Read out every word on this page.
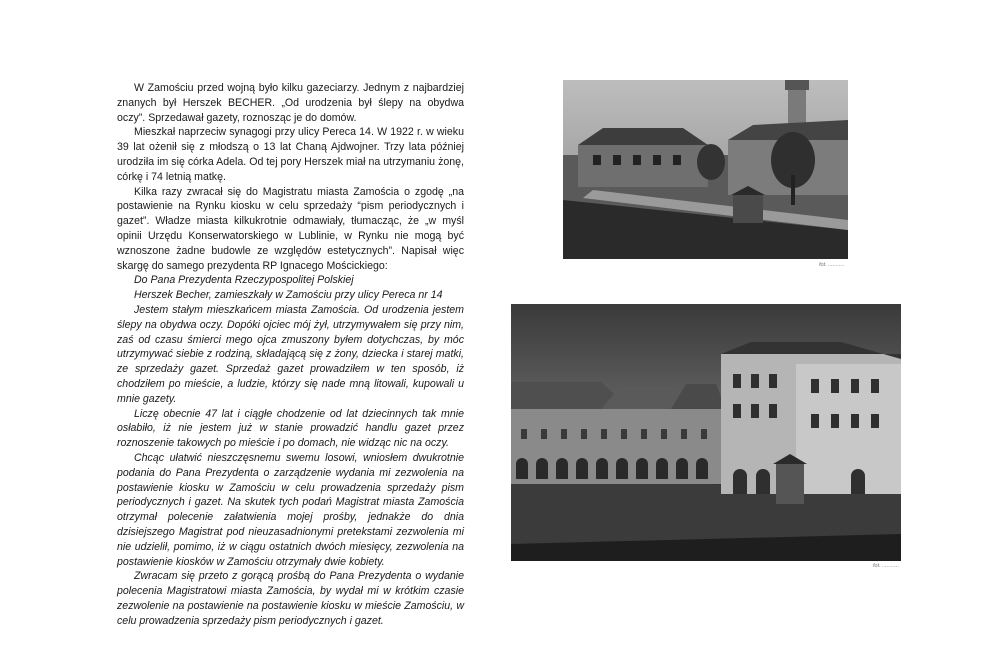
W Zamościu przed wojną było kilku gazeciarzy. Jednym z najbardziej znanych był Herszek BECHER. „Od urodzenia był ślepy na obydwa oczy”. Sprzedawał gazety, roznosząc je do domów.

Mieszkał naprzeciw synagogi przy ulicy Pereca 14. W 1922 r. w wieku 39 lat ożenił się z młodszą o 13 lat Chaną Ajdwojner. Trzy lata później urodziła im się córka Adela. Od tej pory Herszek miał na utrzymaniu żonę, córkę i 74 letnią matkę.

Kilka razy zwracał się do Magistratu miasta Zamościa o zgodę „na postawienie na Rynku kiosku w celu sprzedaży “pism periodycznych i gazet”. Władze miasta kilkukrotnie odmawiały, tłumacząc, że „w myśl opinii Urzędu Konserwatorskiego w Lublinie, w Rynku nie mogą być wznoszone żadne budowle ze względów estetycznych”. Napisał więc skargę do samego prezydenta RP Ignacego Mościckiego:

Do Pana Prezydenta Rzeczypospolitej Polskiej

Herszek Becher, zamieszkały w Zamościu przy ulicy Pereca nr 14

Jestem stałym mieszkańcem miasta Zamościa. Od urodzenia jestem ślepy na obydwa oczy. Dopóki ojciec mój żył, utrzymywałem się przy nim, zaś od czasu śmierci mego ojca zmuszony byłem dotychczas, by móc utrzymywać siebie z rodziną, składającą się z żony, dziecka i starej matki, ze sprzedaży gazet. Sprzedaż gazet prowadziłem w ten sposób, iż chodziłem po mieście, a ludzie, którzy się nade mną litowali, kupowali u mnie gazety.

Liczę obecnie 47 lat i ciągłe chodzenie od lat dziecinnych tak mnie osłabiło, iż nie jestem już w stanie prowadzić handlu gazet przez roznoszenie takowych po mieście i po domach, nie widząc nic na oczy.

Chcąc ułatwić nieszczęsnemu swemu losowi, wniosłem dwukrotnie podania do Pana Prezydenta o zarządzenie wydania mi zezwolenia na postawienie kiosku w Zamościu w celu prowadzenia sprzedaży pism periodycznych i gazet. Na skutek tych podań Magistrat miasta Zamościa otrzymał polecenie załatwienia mojej prośby, jednakże do dnia dzisiejszego Magistrat pod nieuzasadnionymi pretekstami zezwolenia mi nie udzielił, pomimo, iż w ciągu ostatnich dwóch miesięcy, zezwolenia na postawienie kiosków w Zamościu otrzymały dwie kobiety.

Zwracam się przeto z gorącą prośbą do Pana Prezydenta o wydanie polecenia Magistratowi miasta Zamościa, by wydał mi w krótkim czasie zezwolenie na postawienie na postawienie kiosku w mieście Zamościu, w celu prowadzenia sprzedaży pism periodycznych i gazet.

fot. ...........
fot. ...........
